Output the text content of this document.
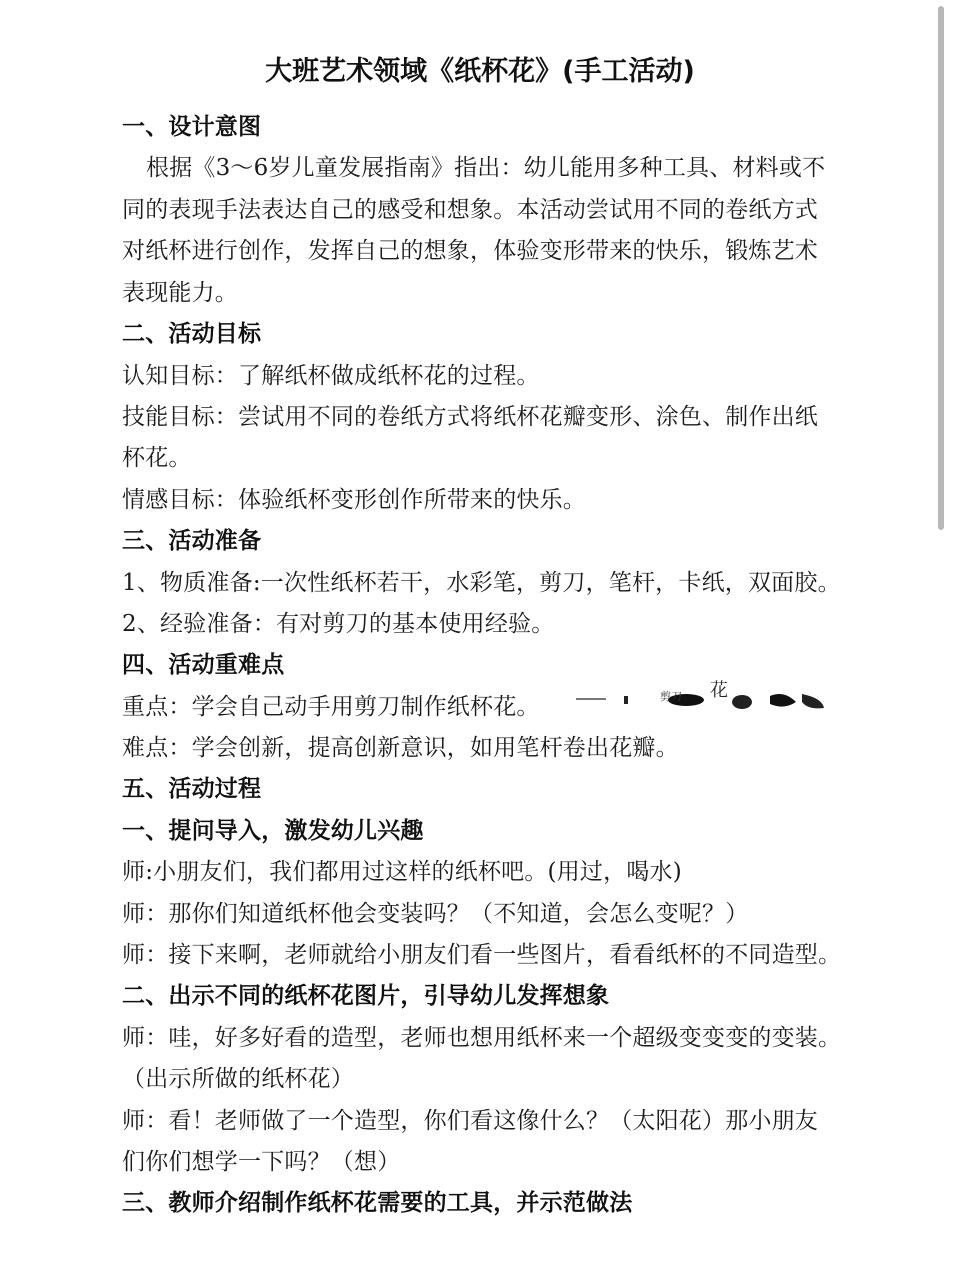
大班艺术领域《纸杯花》(手工活动)
一、设计意图
根据《3～6岁儿童发展指南》指出：幼儿能用多种工具、材料或不
同的表现手法表达自己的感受和想象。本活动尝试用不同的卷纸方式
对纸杯进行创作，发挥自己的想象，体验变形带来的快乐，锻炼艺术
表现能力。
二、活动目标
认知目标：了解纸杯做成纸杯花的过程。
技能目标：尝试用不同的卷纸方式将纸杯花瓣变形、涂色、制作出纸
杯花。
情感目标：体验纸杯变形创作所带来的快乐。
三、活动准备
1、物质准备:一次性纸杯若干，水彩笔，剪刀，笔杆，卡纸，双面胶。
2、经验准备：有对剪刀的基本使用经验。
四、活动重难点
重点：学会自己动手用剪刀制作纸杯花。
难点：学会创新，提高创新意识，如用笔杆卷出花瓣。
五、活动过程
一、提问导入，激发幼儿兴趣
师:小朋友们，我们都用过这样的纸杯吧。(用过，喝水)
师：那你们知道纸杯他会变装吗？（不知道，会怎么变呢？）
师：接下来啊，老师就给小朋友们看一些图片，看看纸杯的不同造型。
二、出示不同的纸杯花图片，引导幼儿发挥想象
师：哇，好多好看的造型，老师也想用纸杯来一个超级变变变的变装。
（出示所做的纸杯花）
师：看！老师做了一个造型，你们看这像什么？（太阳花）那小朋友
们你们想学一下吗？（想）
三、教师介绍制作纸杯花需要的工具，并示范做法
花
剪刀
